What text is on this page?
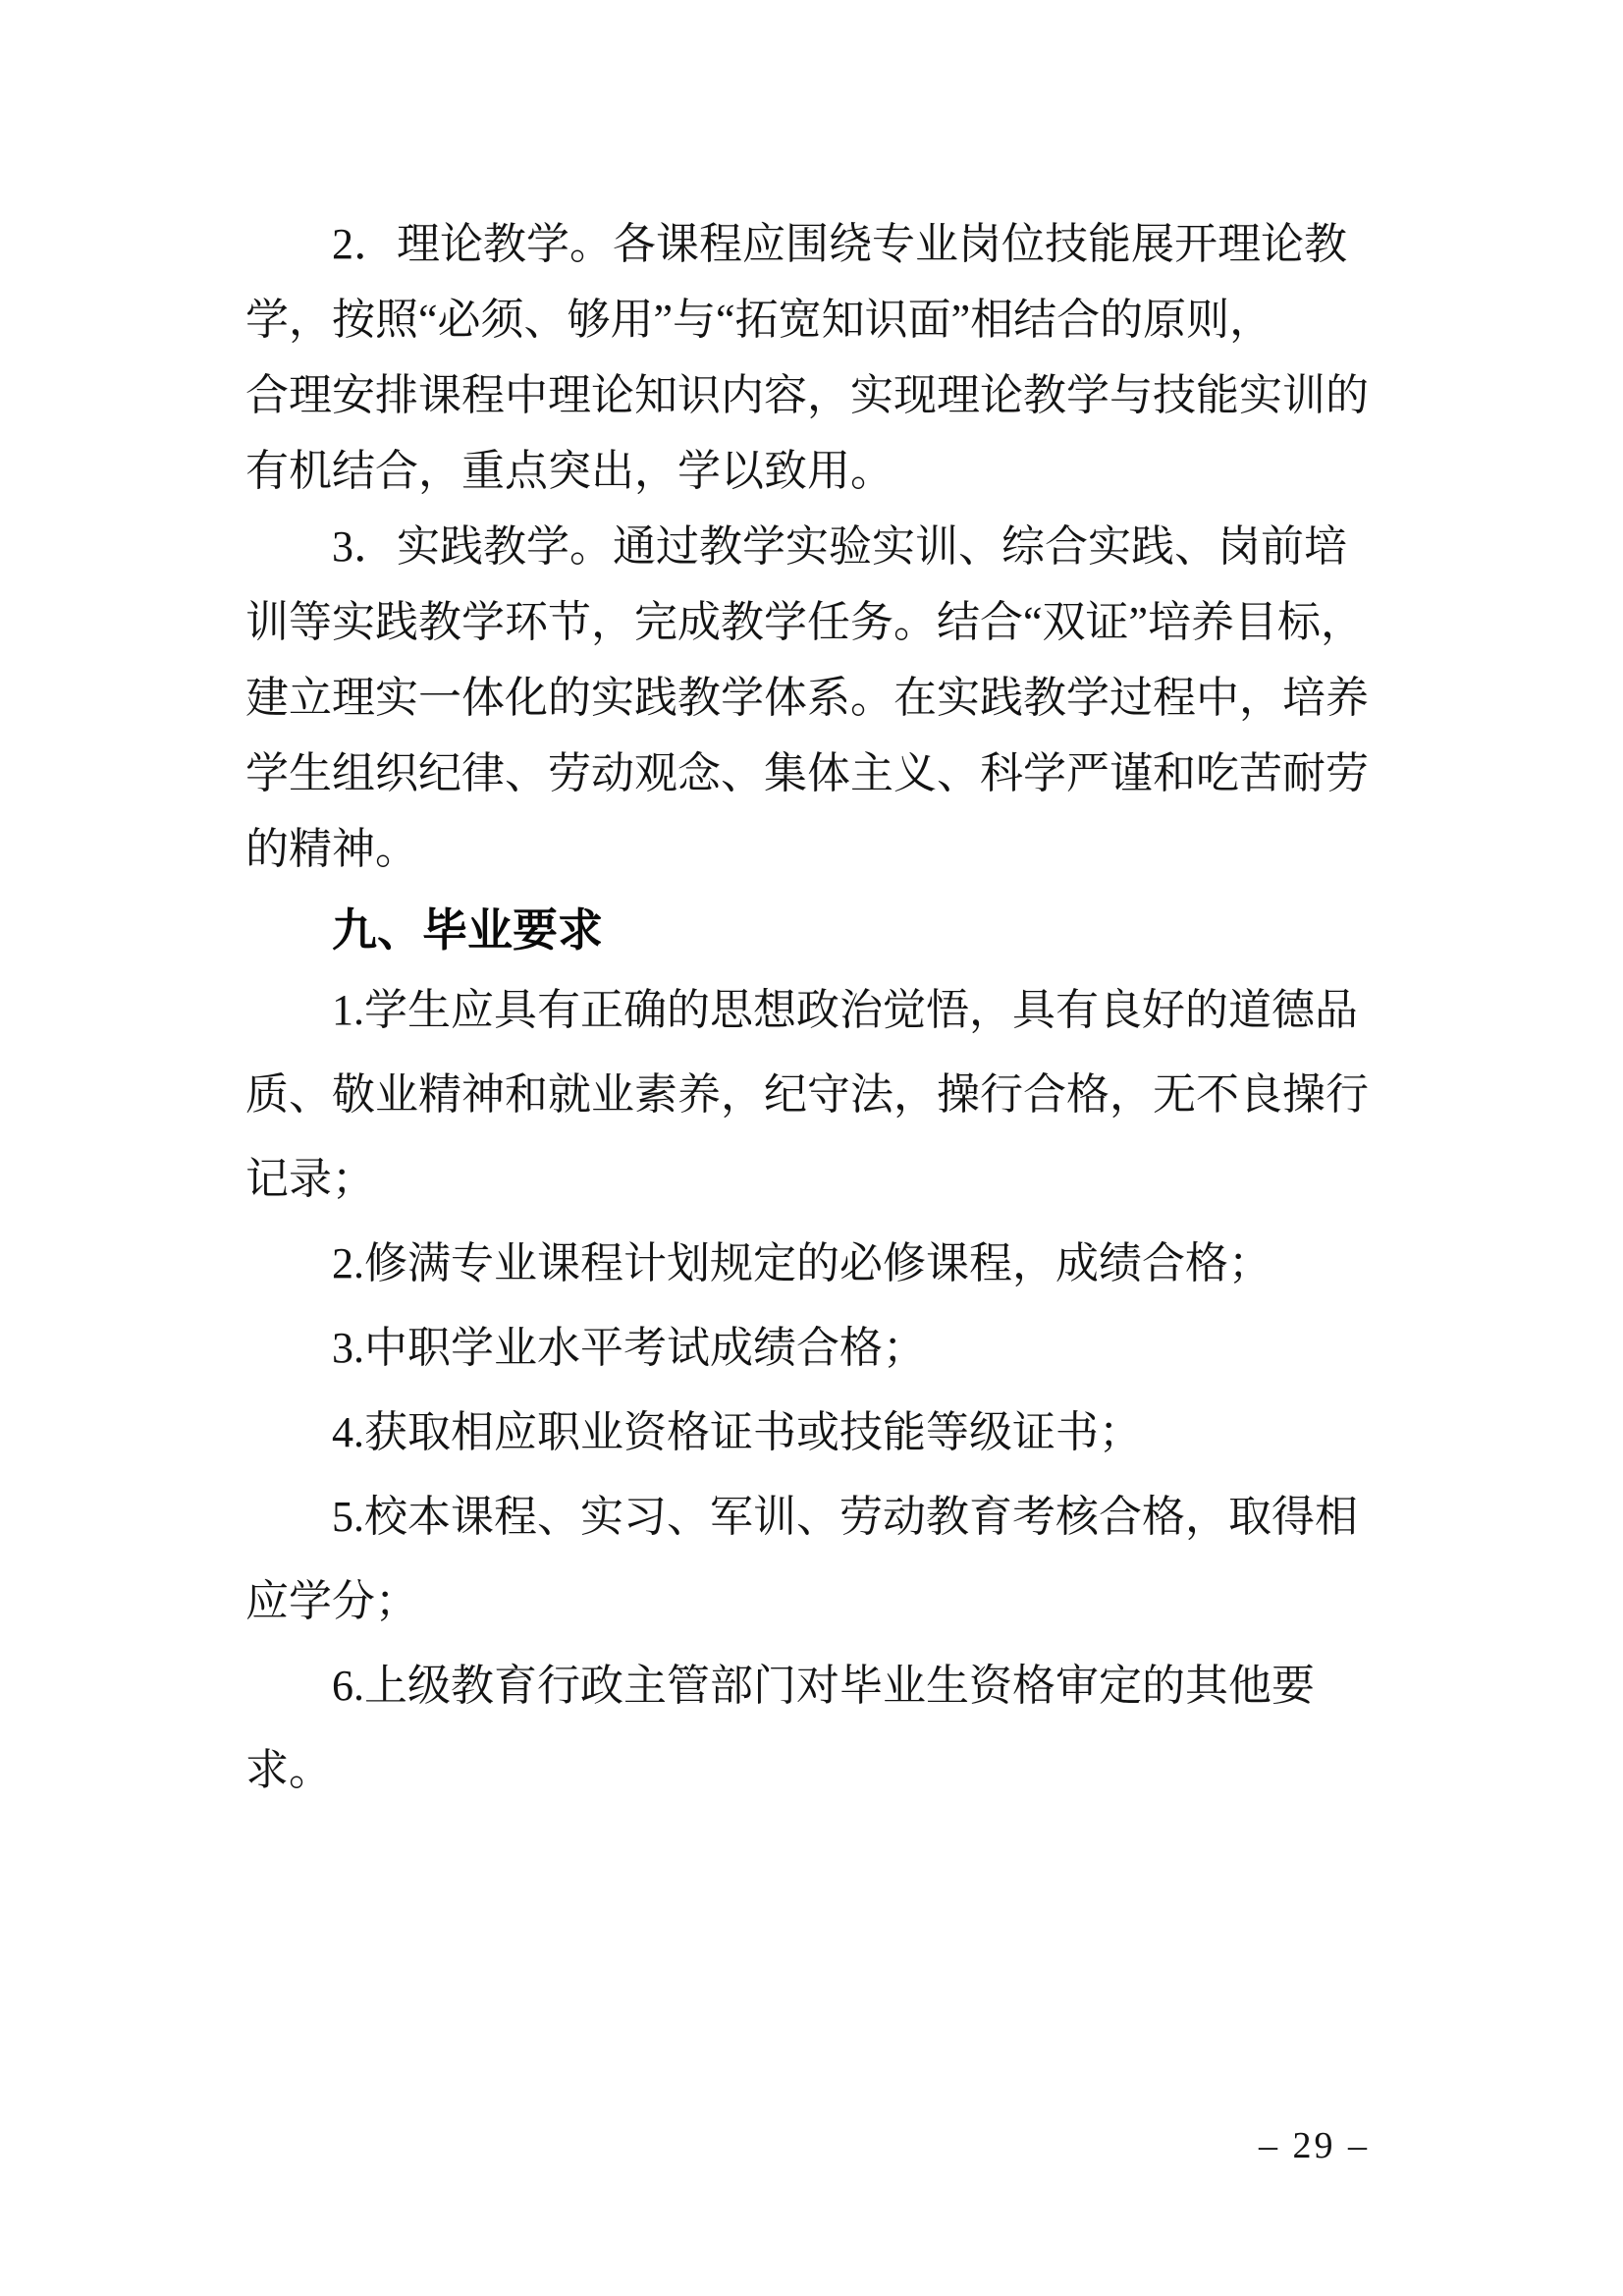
2．理论教学。各课程应围绕专业岗位技能展开理论教
学，按照“必须、够用”与“拓宽知识面”相结合的原则，
合理安排课程中理论知识内容，实现理论教学与技能实训的
有机结合，重点突出，学以致用。
3．实践教学。通过教学实验实训、综合实践、岗前培
训等实践教学环节，完成教学任务。结合“双证”培养目标，
建立理实一体化的实践教学体系。在实践教学过程中，培养
学生组织纪律、劳动观念、集体主义、科学严谨和吃苦耐劳
的精神。
九、毕业要求
1.学生应具有正确的思想政治觉悟，具有良好的道德品
质、敬业精神和就业素养，纪守法，操行合格，无不良操行
记录；
2.修满专业课程计划规定的必修课程，成绩合格；
3.中职学业水平考试成绩合格；
4.获取相应职业资格证书或技能等级证书；
5.校本课程、实习、军训、劳动教育考核合格，取得相
应学分；
6.上级教育行政主管部门对毕业生资格审定的其他要
求。
– 29 –
